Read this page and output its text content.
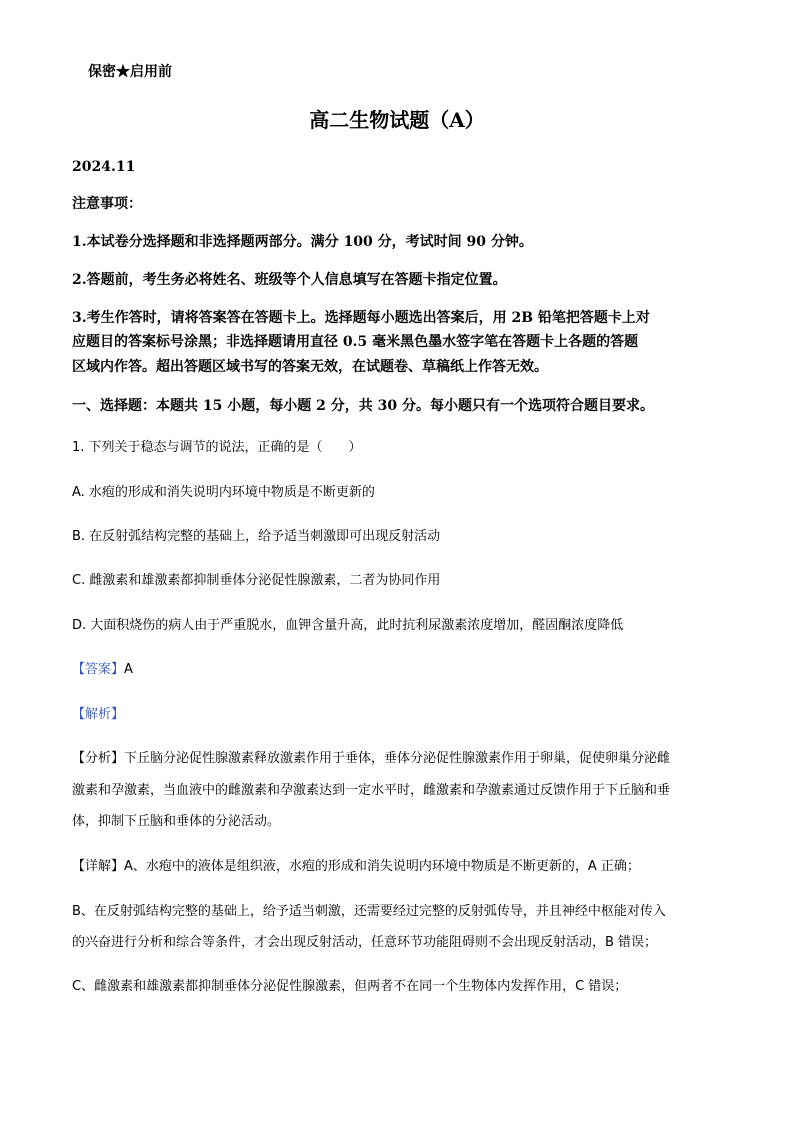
保密★启用前
高二生物试题（A）
2024.11
注意事项：
1.本试卷分选择题和非选择题两部分。满分 100 分，考试时间 90 分钟。
2.答题前，考生务必将姓名、班级等个人信息填写在答题卡指定位置。
3.考生作答时，请将答案答在答题卡上。选择题每小题选出答案后，用 2B 铅笔把答题卡上对
应题目的答案标号涂黑；非选择题请用直径 0.5 毫米黑色墨水签字笔在答题卡上各题的答题
区域内作答。超出答题区域书写的答案无效，在试题卷、草稿纸上作答无效。
一、选择题：本题共 15 小题，每小题 2 分，共 30 分。每小题只有一个选项符合题目要求。
1. 下列关于稳态与调节的说法，正确的是（　　）
A. 水疱的形成和消失说明内环境中物质是不断更新的
B. 在反射弧结构完整的基础上，给予适当刺激即可出现反射活动
C. 雌激素和雄激素都抑制垂体分泌促性腺激素，二者为协同作用
D. 大面积烧伤的病人由于严重脱水，血钾含量升高，此时抗利尿激素浓度增加，醛固酮浓度降低
【答案】A
【解析】
【分析】下丘脑分泌促性腺激素释放激素作用于垂体，垂体分泌促性腺激素作用于卵巢，促使卵巢分泌雌
激素和孕激素，当血液中的雌激素和孕激素达到一定水平时，雌激素和孕激素通过反馈作用于下丘脑和垂
体，抑制下丘脑和垂体的分泌活动。
【详解】A、水疱中的液体是组织液，水疱的形成和消失说明内环境中物质是不断更新的，A 正确；
B、在反射弧结构完整的基础上，给予适当刺激，还需要经过完整的反射弧传导，并且神经中枢能对传入
的兴奋进行分析和综合等条件，才会出现反射活动，任意环节功能阻碍则不会出现反射活动，B 错误；
C、雌激素和雄激素都抑制垂体分泌促性腺激素，但两者不在同一个生物体内发挥作用，C 错误；
